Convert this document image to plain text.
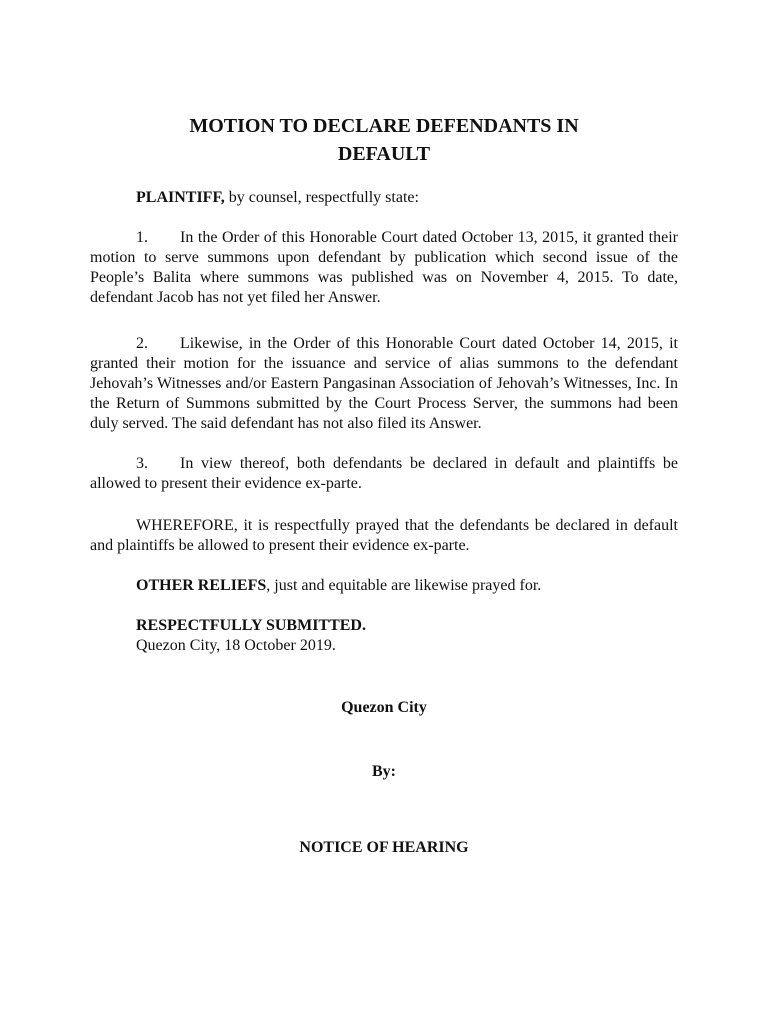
MOTION TO DECLARE DEFENDANTS IN
DEFAULT

PLAINTIFF, by counsel, respectfully state:

1. In the Order of this Honorable Court dated October 13, 2015, it granted their motion to serve summons upon defendant by publication which second issue of the People’s Balita where summons was published was on November 4, 2015. To date, defendant Jacob has not yet filed her Answer.

2. Likewise, in the Order of this Honorable Court dated October 14, 2015, it granted their motion for the issuance and service of alias summons to the defendant Jehovah’s Witnesses and/or Eastern Pangasinan Association of Jehovah’s Witnesses, Inc. In the Return of Summons submitted by the Court Process Server, the summons had been duly served. The said defendant has not also filed its Answer.

3. In view thereof, both defendants be declared in default and plaintiffs be allowed to present their evidence ex-parte.

WHEREFORE, it is respectfully prayed that the defendants be declared in default and plaintiffs be allowed to present their evidence ex-parte.

OTHER RELIEFS, just and equitable are likewise prayed for.

RESPECTFULLY SUBMITTED.

Quezon City, 18 October 2019.

Quezon City

By:

NOTICE OF HEARING
